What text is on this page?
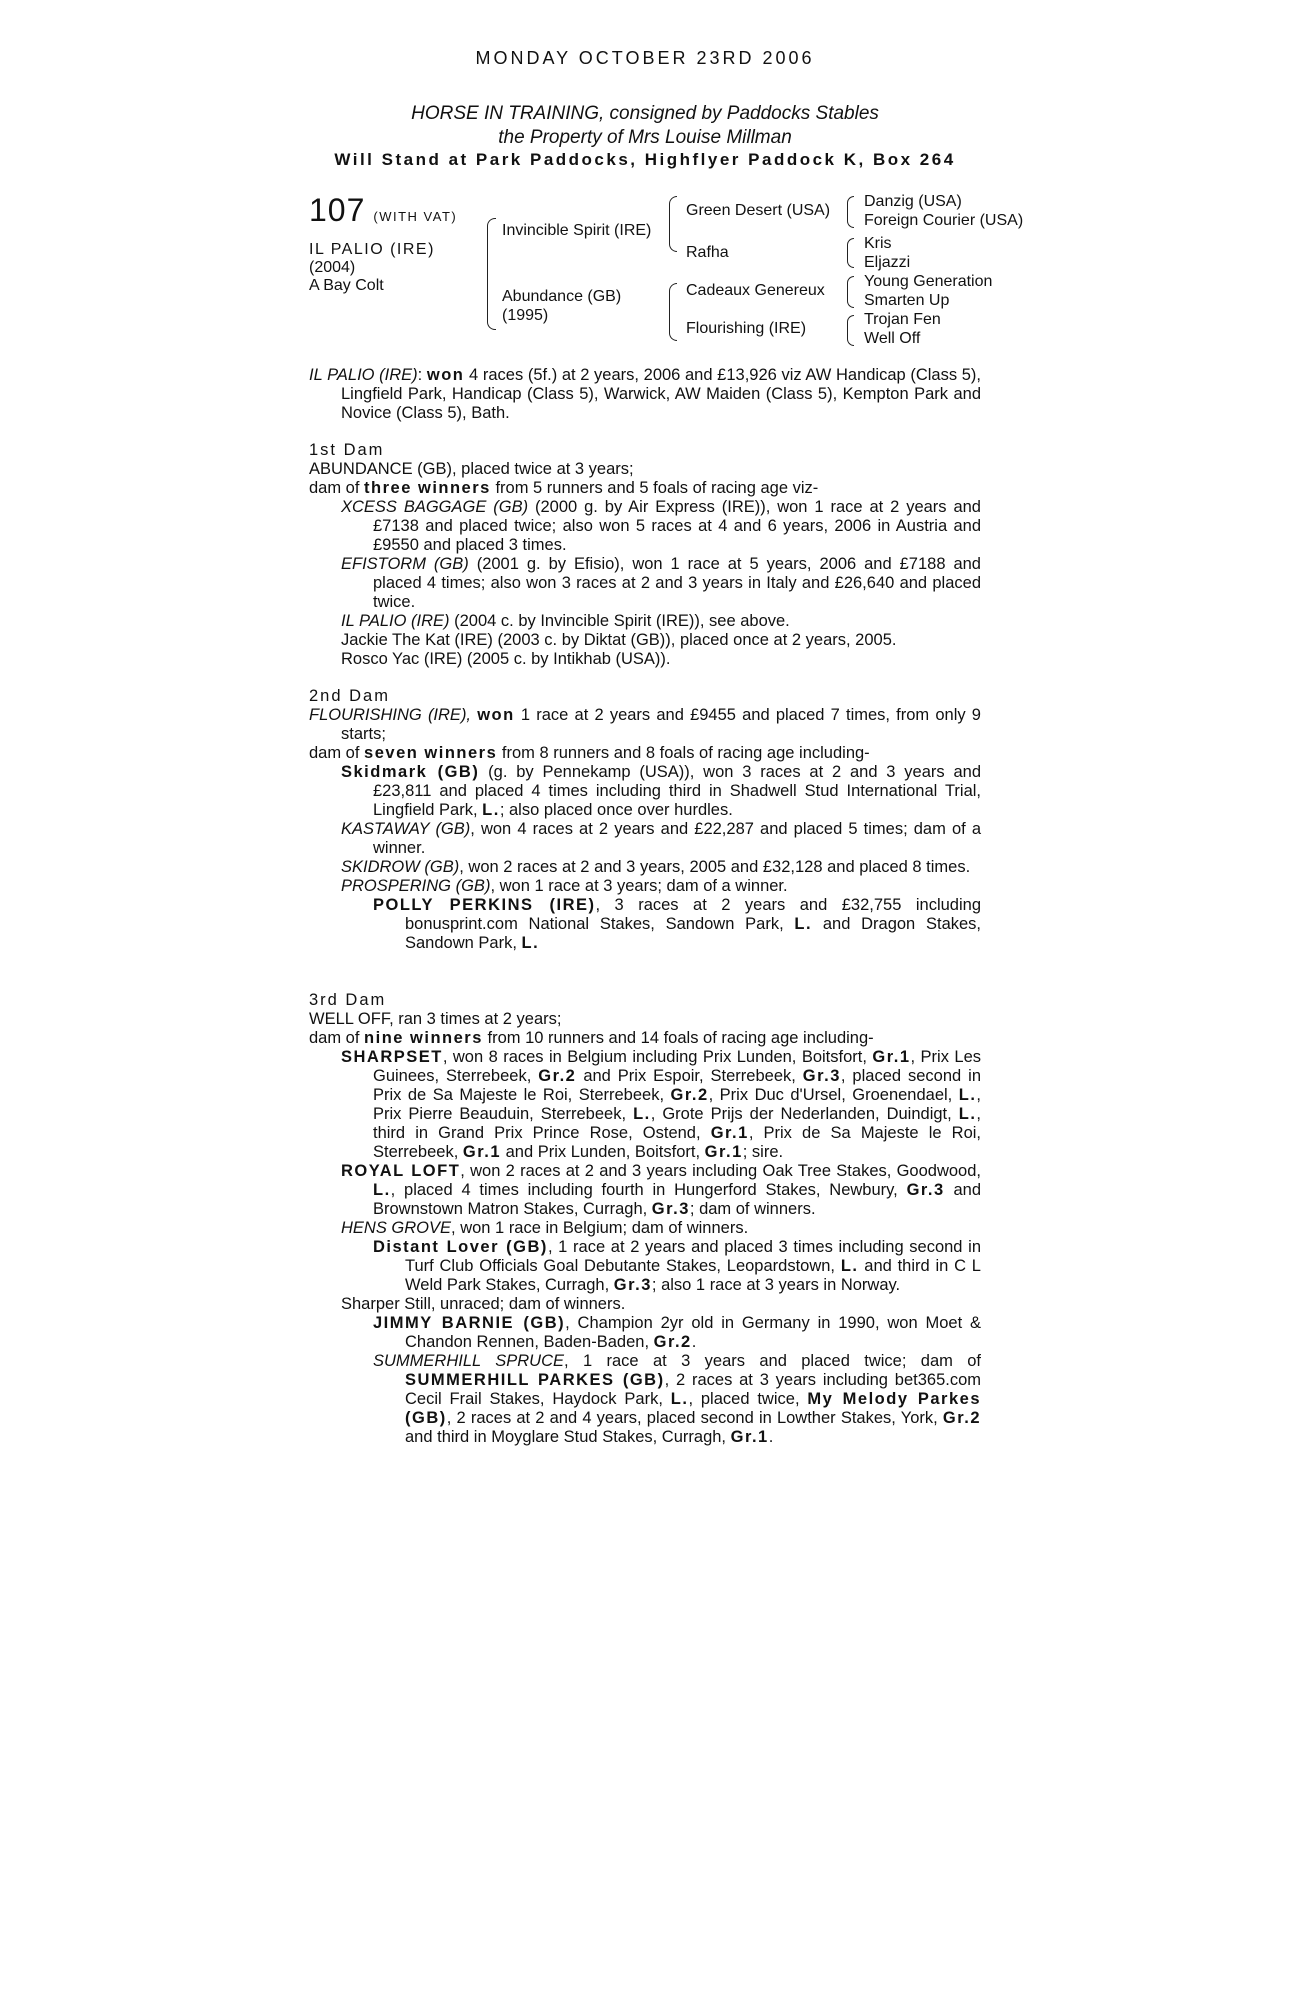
MONDAY OCTOBER 23RD 2006
HORSE IN TRAINING, consigned by Paddocks Stables
the Property of Mrs Louise Millman
Will Stand at Park Paddocks, Highflyer Paddock K, Box 264
107 (WITH VAT)
IL PALIO (IRE)
(2004)
A Bay Colt
Invincible Spirit (IRE)
Abundance (GB)
(1995)
Green Desert (USA)
Rafha
Cadeaux Genereux
Flourishing (IRE)
Danzig (USA)
Foreign Courier (USA)
Kris
Eljazzi
Young Generation
Smarten Up
Trojan Fen
Well Off

IL PALIO (IRE): won 4 races (5f.) at 2 years, 2006 and £13,926 viz AW Handicap (Class 5), Lingfield Park, Handicap (Class 5), Warwick, AW Maiden (Class 5), Kempton Park and Novice (Class 5), Bath.

1st Dam

ABUNDANCE (GB), placed twice at 3 years;

dam of three winners from 5 runners and 5 foals of racing age viz-

XCESS BAGGAGE (GB) (2000 g. by Air Express (IRE)), won 1 race at 2 years and £7138 and placed twice; also won 5 races at 4 and 6 years, 2006 in Austria and £9550 and placed 3 times.

EFISTORM (GB) (2001 g. by Efisio), won 1 race at 5 years, 2006 and £7188 and placed 4 times; also won 3 races at 2 and 3 years in Italy and £26,640 and placed twice.

IL PALIO (IRE) (2004 c. by Invincible Spirit (IRE)), see above.

Jackie The Kat (IRE) (2003 c. by Diktat (GB)), placed once at 2 years, 2005.

Rosco Yac (IRE) (2005 c. by Intikhab (USA)).

2nd Dam

FLOURISHING (IRE), won 1 race at 2 years and £9455 and placed 7 times, from only 9 starts;

dam of seven winners from 8 runners and 8 foals of racing age including-

Skidmark (GB) (g. by Pennekamp (USA)), won 3 races at 2 and 3 years and £23,811 and placed 4 times including third in Shadwell Stud International Trial, Lingfield Park, L.; also placed once over hurdles.

KASTAWAY (GB), won 4 races at 2 years and £22,287 and placed 5 times; dam of a winner.

SKIDROW (GB), won 2 races at 2 and 3 years, 2005 and £32,128 and placed 8 times.

PROSPERING (GB), won 1 race at 3 years; dam of a winner.

POLLY PERKINS (IRE), 3 races at 2 years and £32,755 including bonusprint.com National Stakes, Sandown Park, L. and Dragon Stakes, Sandown Park, L.

3rd Dam

WELL OFF, ran 3 times at 2 years;

dam of nine winners from 10 runners and 14 foals of racing age including-

SHARPSET, won 8 races in Belgium including Prix Lunden, Boitsfort, Gr.1, Prix Les Guinees, Sterrebeek, Gr.2 and Prix Espoir, Sterrebeek, Gr.3, placed second in Prix de Sa Majeste le Roi, Sterrebeek, Gr.2, Prix Duc d'Ursel, Groenendael, L., Prix Pierre Beauduin, Sterrebeek, L., Grote Prijs der Nederlanden, Duindigt, L., third in Grand Prix Prince Rose, Ostend, Gr.1, Prix de Sa Majeste le Roi, Sterrebeek, Gr.1 and Prix Lunden, Boitsfort, Gr.1; sire.

ROYAL LOFT, won 2 races at 2 and 3 years including Oak Tree Stakes, Goodwood, L., placed 4 times including fourth in Hungerford Stakes, Newbury, Gr.3 and Brownstown Matron Stakes, Curragh, Gr.3; dam of winners.

HENS GROVE, won 1 race in Belgium; dam of winners.

Distant Lover (GB), 1 race at 2 years and placed 3 times including second in Turf Club Officials Goal Debutante Stakes, Leopardstown, L. and third in C L Weld Park Stakes, Curragh, Gr.3; also 1 race at 3 years in Norway.

Sharper Still, unraced; dam of winners.

JIMMY BARNIE (GB), Champion 2yr old in Germany in 1990, won Moet & Chandon Rennen, Baden-Baden, Gr.2.

SUMMERHILL SPRUCE, 1 race at 3 years and placed twice; dam of SUMMERHILL PARKES (GB), 2 races at 3 years including bet365.com Cecil Frail Stakes, Haydock Park, L., placed twice, My Melody Parkes (GB), 2 races at 2 and 4 years, placed second in Lowther Stakes, York, Gr.2 and third in Moyglare Stud Stakes, Curragh, Gr.1.
